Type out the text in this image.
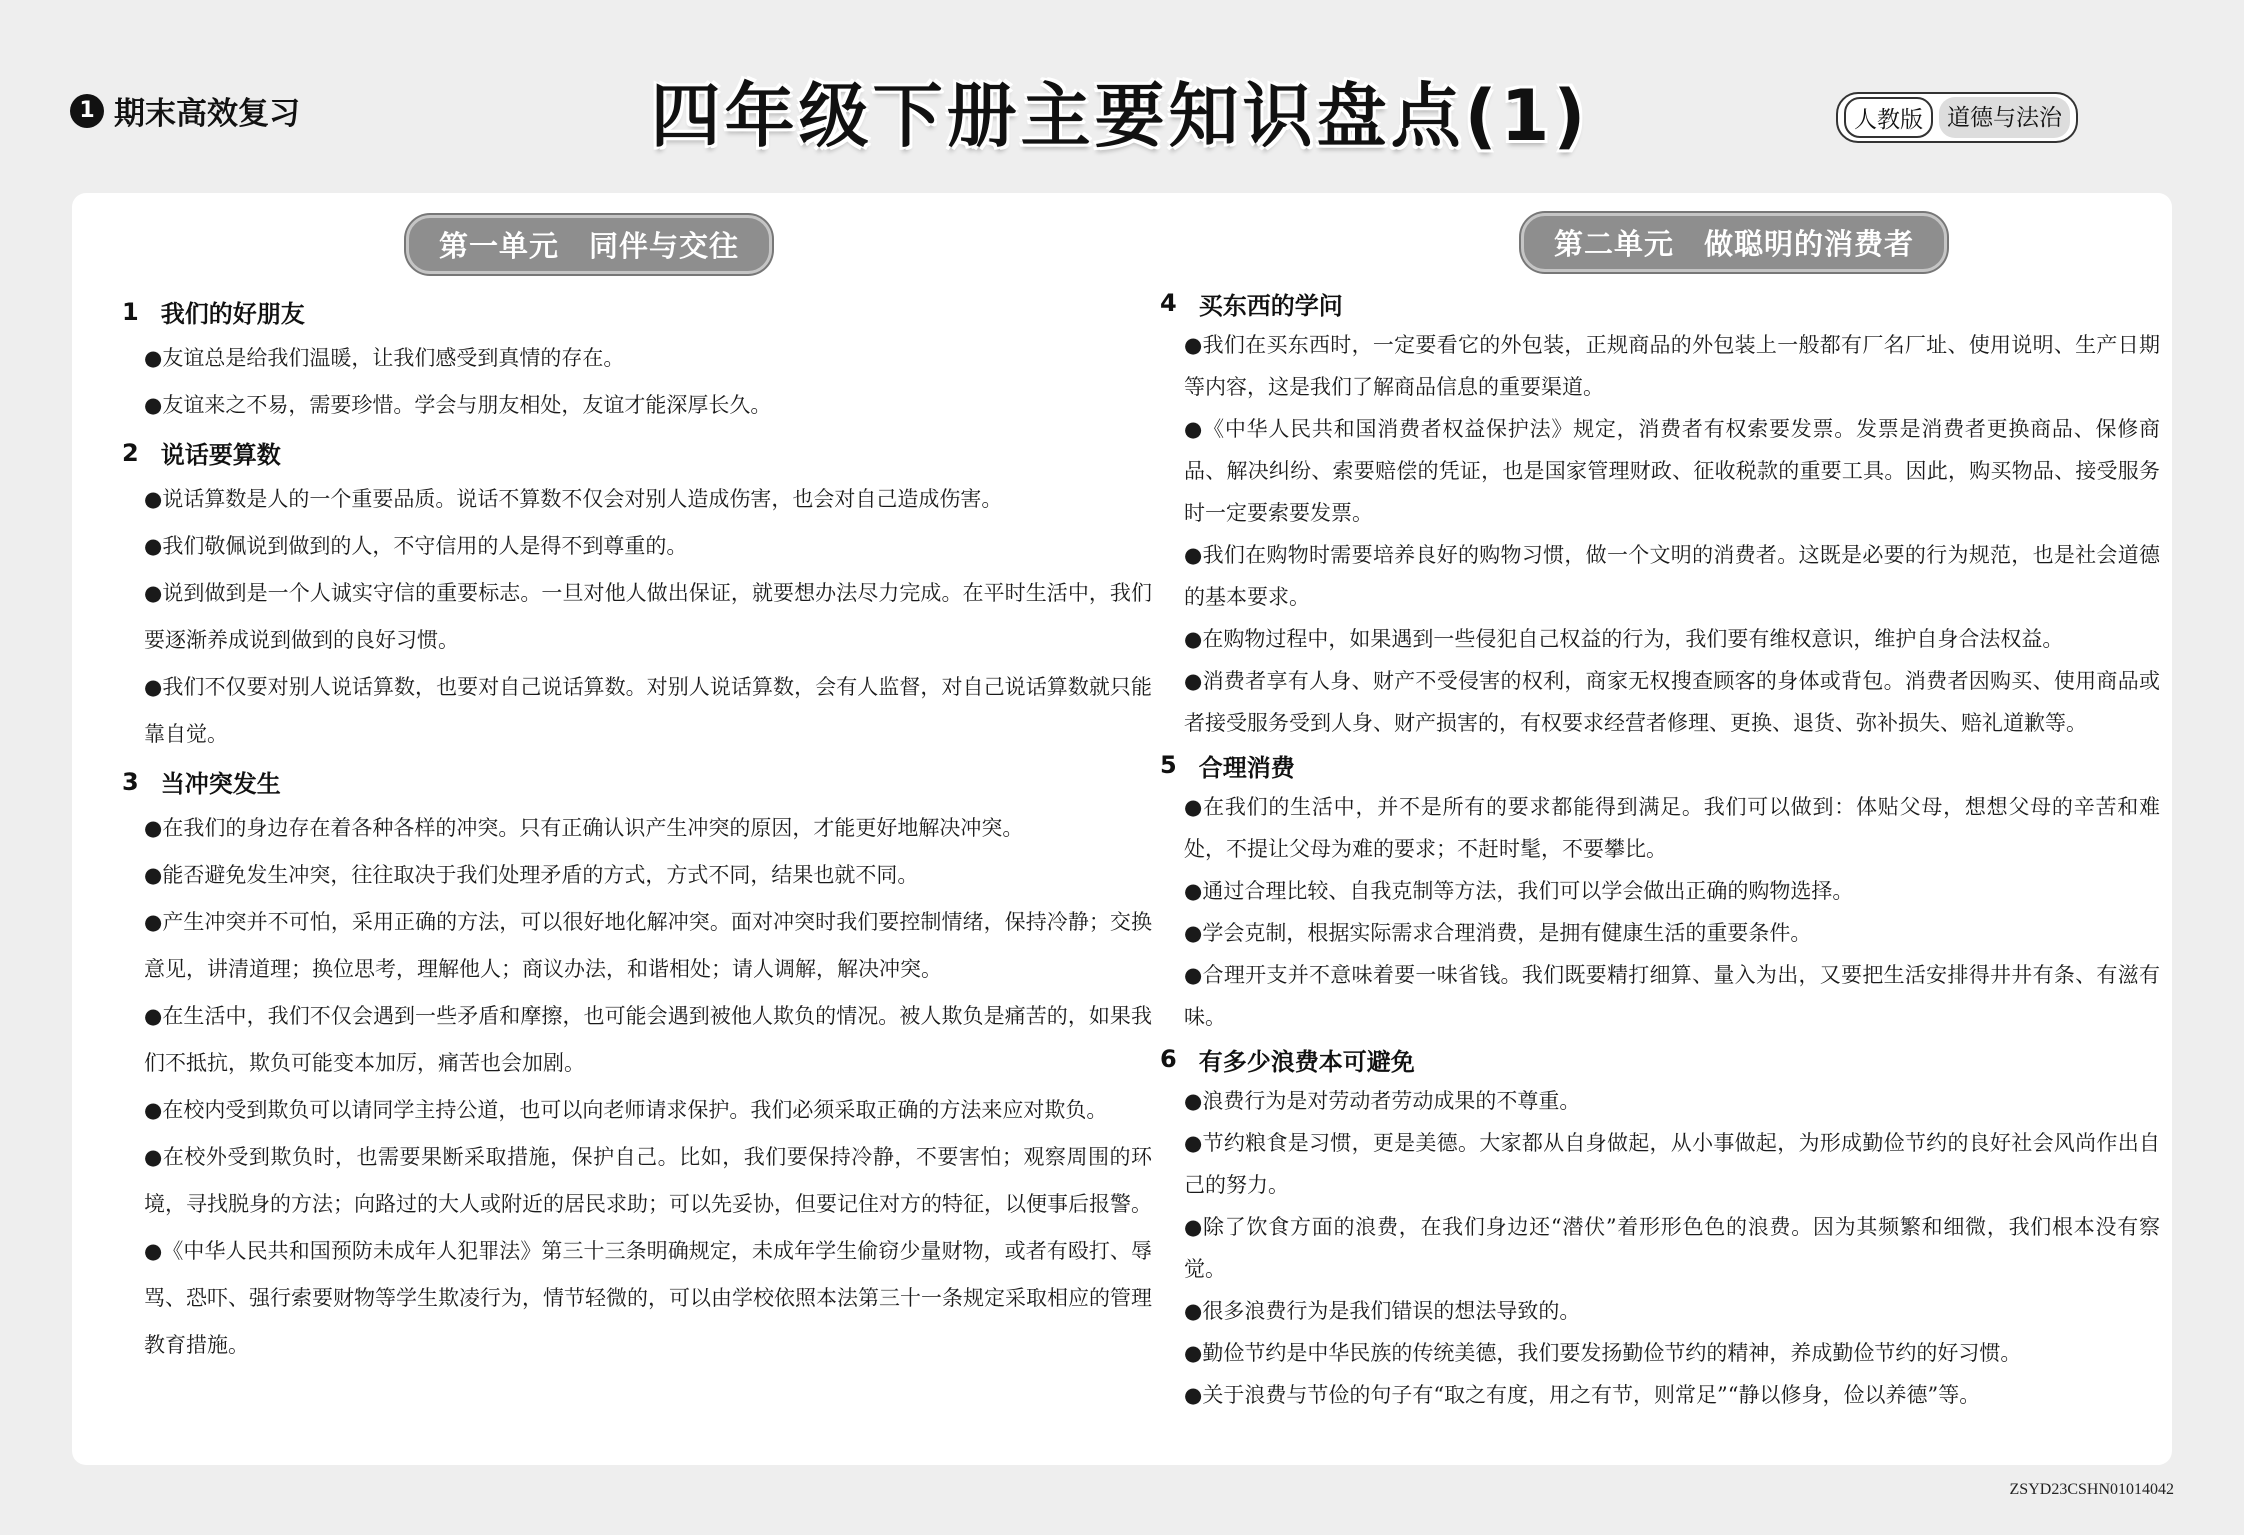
1 期末高效复习	四年级下册主要知识盘点(1)	人教版	道德与法治
第一单元　同伴与交往
1 我们的好朋友

●友谊总是给我们温暖，让我们感受到真情的存在。

●友谊来之不易，需要珍惜。学会与朋友相处，友谊才能深厚长久。

2 说话要算数

●说话算数是人的一个重要品质。说话不算数不仅会对别人造成伤害，也会对自己造成伤害。

●我们敬佩说到做到的人，不守信用的人是得不到尊重的。

●说到做到是一个人诚实守信的重要标志。一旦对他人做出保证，就要想办法尽力完成。在平时生活中，我们要逐渐养成说到做到的良好习惯。

●我们不仅要对别人说话算数，也要对自己说话算数。对别人说话算数，会有人监督，对自己说话算数就只能靠自觉。

3 当冲突发生

●在我们的身边存在着各种各样的冲突。只有正确认识产生冲突的原因，才能更好地解决冲突。

●能否避免发生冲突，往往取决于我们处理矛盾的方式，方式不同，结果也就不同。

●产生冲突并不可怕，采用正确的方法，可以很好地化解冲突。面对冲突时我们要控制情绪，保持冷静；交换意见，讲清道理；换位思考，理解他人；商议办法，和谐相处；请人调解，解决冲突。

●在生活中，我们不仅会遇到一些矛盾和摩擦，也可能会遇到被他人欺负的情况。被人欺负是痛苦的，如果我们不抵抗，欺负可能变本加厉，痛苦也会加剧。

●在校内受到欺负可以请同学主持公道，也可以向老师请求保护。我们必须采取正确的方法来应对欺负。

●在校外受到欺负时，也需要果断采取措施，保护自己。比如，我们要保持冷静，不要害怕；观察周围的环境，寻找脱身的方法；向路过的大人或附近的居民求助；可以先妥协，但要记住对方的特征，以便事后报警。

●《中华人民共和国预防未成年人犯罪法》第三十三条明确规定，未成年学生偷窃少量财物，或者有殴打、辱骂、恐吓、强行索要财物等学生欺凌行为，情节轻微的，可以由学校依照本法第三十一条规定采取相应的管理教育措施。

第二单元　做聪明的消费者
4 买东西的学问

●我们在买东西时，一定要看它的外包装，正规商品的外包装上一般都有厂名厂址、使用说明、生产日期等内容，这是我们了解商品信息的重要渠道。

●《中华人民共和国消费者权益保护法》规定，消费者有权索要发票。发票是消费者更换商品、保修商品、解决纠纷、索要赔偿的凭证，也是国家管理财政、征收税款的重要工具。因此，购买物品、接受服务时一定要索要发票。

●我们在购物时需要培养良好的购物习惯，做一个文明的消费者。这既是必要的行为规范，也是社会道德的基本要求。

●在购物过程中，如果遇到一些侵犯自己权益的行为，我们要有维权意识，维护自身合法权益。

●消费者享有人身、财产不受侵害的权利，商家无权搜查顾客的身体或背包。消费者因购买、使用商品或者接受服务受到人身、财产损害的，有权要求经营者修理、更换、退货、弥补损失、赔礼道歉等。

5 合理消费

●在我们的生活中，并不是所有的要求都能得到满足。我们可以做到：体贴父母，想想父母的辛苦和难处，不提让父母为难的要求；不赶时髦，不要攀比。

●通过合理比较、自我克制等方法，我们可以学会做出正确的购物选择。

●学会克制，根据实际需求合理消费，是拥有健康生活的重要条件。

●合理开支并不意味着要一味省钱。我们既要精打细算、量入为出，又要把生活安排得井井有条、有滋有味。

6 有多少浪费本可避免

●浪费行为是对劳动者劳动成果的不尊重。

●节约粮食是习惯，更是美德。大家都从自身做起，从小事做起，为形成勤俭节约的良好社会风尚作出自己的努力。

●除了饮食方面的浪费，在我们身边还“潜伏”着形形色色的浪费。因为其频繁和细微，我们根本没有察觉。

●很多浪费行为是我们错误的想法导致的。

●勤俭节约是中华民族的传统美德，我们要发扬勤俭节约的精神，养成勤俭节约的好习惯。

●关于浪费与节俭的句子有“取之有度，用之有节，则常足”“静以修身，俭以养德”等。

ZSYD23CSHN01014042
